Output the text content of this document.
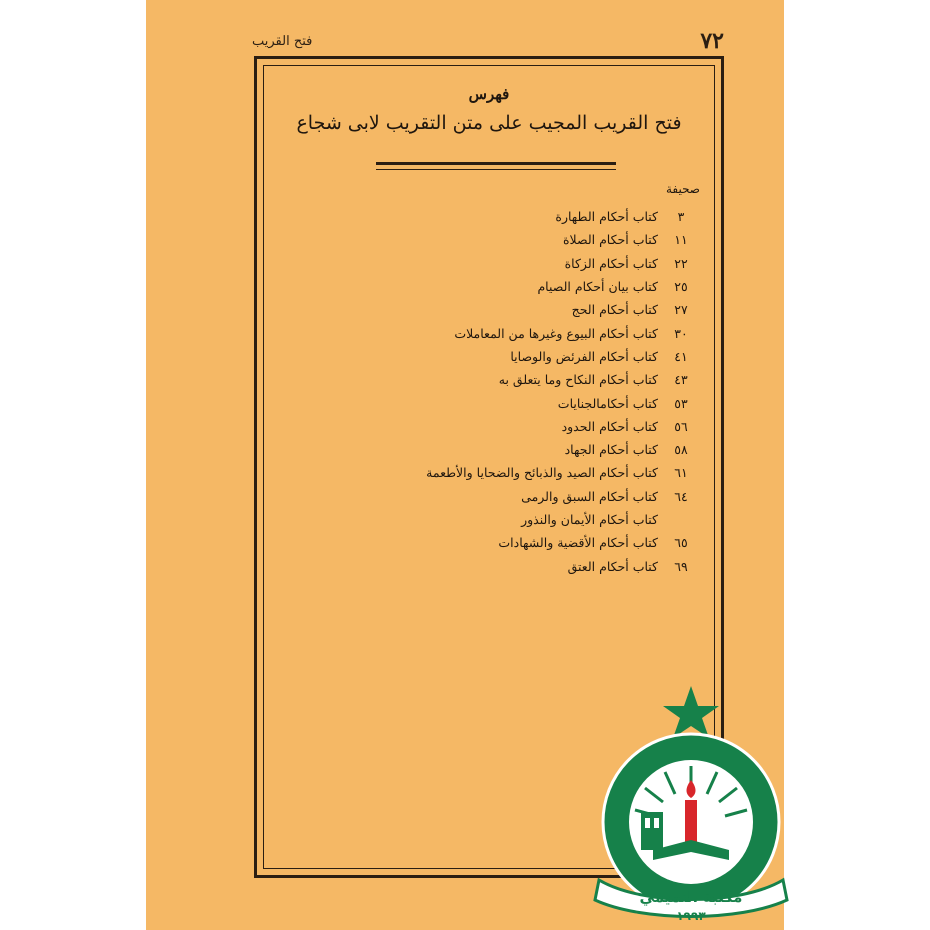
٧٢
فتح القريب
فهرس
فتح القريب المجيب على متن التقريب لابى شجاع
صحيفة
٣
كتاب أحكام الطهارة
١١
كتاب أحكام الصلاة
٢٢
كتاب أحكام الزكاة
٢٥
كتاب بيان أحكام الصيام
٢٧
كتاب أحكام الحج
٣٠
كتاب أحكام البيوع وغيرها من المعاملات
٤١
كتاب أحكام الفرئض والوصايا
٤٣
كتاب أحكام النكاح وما يتعلق به
٥٣
كتاب أحكامالجنايات
٥٦
كتاب أحكام الحدود
٥٨
كتاب أحكام الجهاد
٦١
كتاب أحكام الصيد والذبائح والضحايا والأطعمة
٦٤
كتاب أحكام السبق والرمى
كتاب أحكام الأيمان والنذور
٦٥
كتاب أحكام الأقضية والشهادات
٦٩
كتاب أحكام العتق
مكتبة التميمي
١٩٩٣
